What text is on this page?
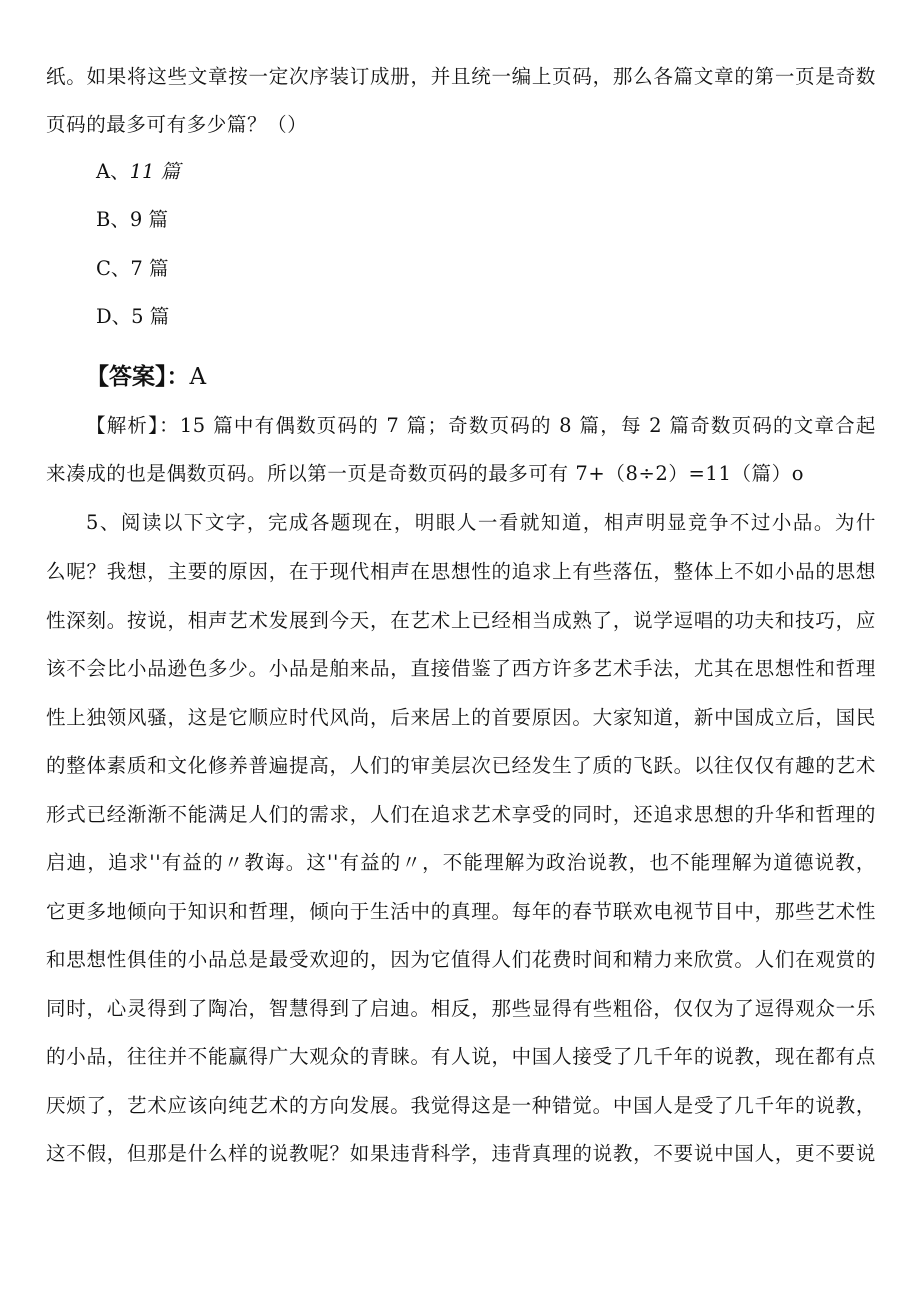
纸。如果将这些文章按一定次序装订成册，并且统一编上页码，那么各篇文章的第一页是奇数
页码的最多可有多少篇？（）
A、11 篇
B、9 篇
C、7 篇
D、5 篇
【答案】：A
【解析】：15 篇中有偶数页码的 7 篇；奇数页码的 8 篇，每 2 篇奇数页码的文章合起
来凑成的也是偶数页码。所以第一页是奇数页码的最多可有 7+（8÷2）=11（篇）o
5、阅读以下文字，完成各题现在，明眼人一看就知道，相声明显竞争不过小品。为什
么呢？我想，主要的原因，在于现代相声在思想性的追求上有些落伍，整体上不如小品的思想
性深刻。按说，相声艺术发展到今天，在艺术上已经相当成熟了，说学逗唱的功夫和技巧，应
该不会比小品逊色多少。小品是舶来品，直接借鉴了西方许多艺术手法，尤其在思想性和哲理
性上独领风骚，这是它顺应时代风尚，后来居上的首要原因。大家知道，新中国成立后，国民
的整体素质和文化修养普遍提高，人们的审美层次已经发生了质的飞跃。以往仅仅有趣的艺术
形式已经渐渐不能满足人们的需求，人们在追求艺术享受的同时，还追求思想的升华和哲理的
启迪，追求''有益的〃教诲。这''有益的〃，不能理解为政治说教，也不能理解为道德说教，
它更多地倾向于知识和哲理，倾向于生活中的真理。每年的春节联欢电视节目中，那些艺术性
和思想性俱佳的小品总是最受欢迎的，因为它值得人们花费时间和精力来欣赏。人们在观赏的
同时，心灵得到了陶冶，智慧得到了启迪。相反，那些显得有些粗俗，仅仅为了逗得观众一乐
的小品，往往并不能赢得广大观众的青睐。有人说，中国人接受了几千年的说教，现在都有点
厌烦了，艺术应该向纯艺术的方向发展。我觉得这是一种错觉。中国人是受了几千年的说教，
这不假，但那是什么样的说教呢？如果违背科学，违背真理的说教，不要说中国人，更不要说
